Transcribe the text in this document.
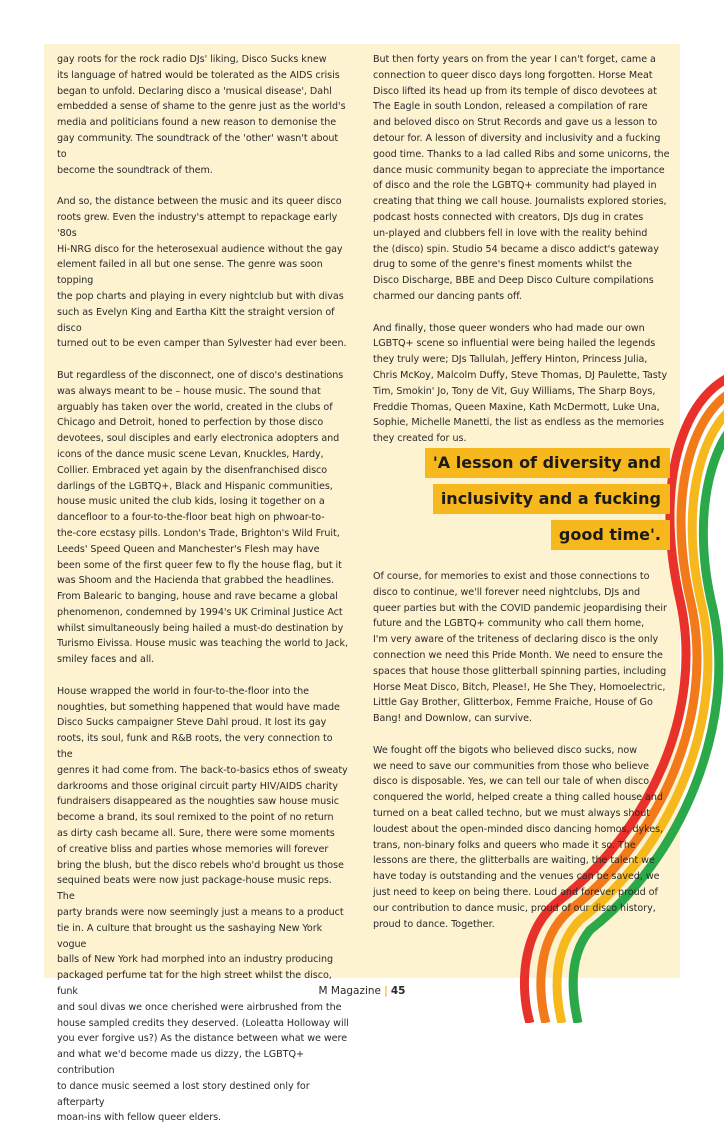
gay roots for the rock radio DJs' liking, Disco Sucks knew
its language of hatred would be tolerated as the AIDS crisis
began to unfold. Declaring disco a 'musical disease', Dahl
embedded a sense of shame to the genre just as the world's
media and politicians found a new reason to demonise the
gay community. The soundtrack of the 'other' wasn't about to
become the soundtrack of them.

And so, the distance between the music and its queer disco
roots grew. Even the industry's attempt to repackage early '80s
Hi-NRG disco for the heterosexual audience without the gay
element failed in all but one sense. The genre was soon topping
the pop charts and playing in every nightclub but with divas
such as Evelyn King and Eartha Kitt the straight version of disco
turned out to be even camper than Sylvester had ever been.

But regardless of the disconnect, one of disco's destinations
was always meant to be – house music. The sound that
arguably has taken over the world, created in the clubs of
Chicago and Detroit, honed to perfection by those disco
devotees, soul disciples and early electronica adopters and
icons of the dance music scene Levan, Knuckles, Hardy,
Collier. Embraced yet again by the disenfranchised disco
darlings of the LGBTQ+, Black and Hispanic communities,
house music united the club kids, losing it together on a
dancefloor to a four-to-the-floor beat high on phwoar-to-
the-core ecstasy pills. London's Trade, Brighton's Wild Fruit,
Leeds' Speed Queen and Manchester's Flesh may have
been some of the first queer few to fly the house flag, but it
was Shoom and the Hacienda that grabbed the headlines.
From Balearic to banging, house and rave became a global
phenomenon, condemned by 1994's UK Criminal Justice Act
whilst simultaneously being hailed a must-do destination by
Turismo Eivissa. House music was teaching the world to Jack,
smiley faces and all.

House wrapped the world in four-to-the-floor into the
noughties, but something happened that would have made
Disco Sucks campaigner Steve Dahl proud. It lost its gay
roots, its soul, funk and R&B roots, the very connection to the
genres it had come from. The back-to-basics ethos of sweaty
darkrooms and those original circuit party HIV/AIDS charity
fundraisers disappeared as the noughties saw house music
become a brand, its soul remixed to the point of no return
as dirty cash became all. Sure, there were some moments
of creative bliss and parties whose memories will forever
bring the blush, but the disco rebels who'd brought us those
sequined beats were now just package-house music reps. The
party brands were now seemingly just a means to a product
tie in. A culture that brought us the sashaying New York vogue
balls of New York had morphed into an industry producing
packaged perfume tat for the high street whilst the disco, funk
and soul divas we once cherished were airbrushed from the
house sampled credits they deserved. (Loleatta Holloway will
you ever forgive us?) As the distance between what we were
and what we'd become made us dizzy, the LGBTQ+ contribution
to dance music seemed a lost story destined only for afterparty
moan-ins with fellow queer elders.

But then forty years on from the year I can't forget, came a
connection to queer disco days long forgotten. Horse Meat
Disco lifted its head up from its temple of disco devotees at
The Eagle in south London, released a compilation of rare
and beloved disco on Strut Records and gave us a lesson to
detour for. A lesson of diversity and inclusivity and a fucking
good time. Thanks to a lad called Ribs and some unicorns, the
dance music community began to appreciate the importance
of disco and the role the LGBTQ+ community had played in
creating that thing we call house. Journalists explored stories,
podcast hosts connected with creators, DJs dug in crates
un-played and clubbers fell in love with the reality behind
the (disco) spin. Studio 54 became a disco addict's gateway
drug to some of the genre's finest moments whilst the
Disco Discharge, BBE and Deep Disco Culture compilations
charmed our dancing pants off.

And finally, those queer wonders who had made our own
LGBTQ+ scene so influential were being hailed the legends
they truly were; DJs Tallulah, Jeffery Hinton, Princess Julia,
Chris McKoy, Malcolm Duffy, Steve Thomas, DJ Paulette, Tasty
Tim, Smokin' Jo, Tony de Vit, Guy Williams, The Sharp Boys,
Freddie Thomas, Queen Maxine, Kath McDermott, Luke Una,
Sophie, Michelle Manetti, the list as endless as the memories
they created for us.

'A lesson of diversity and
inclusivity and a fucking
good time'.

Of course, for memories to exist and those connections to
disco to continue, we'll forever need nightclubs, DJs and
queer parties but with the COVID pandemic jeopardising their
future and the LGBTQ+ community who call them home,
I'm very aware of the triteness of declaring disco is the only
connection we need this Pride Month. We need to ensure the
spaces that house those glitterball spinning parties, including
Horse Meat Disco, Bitch, Please!, He She They, Homoelectric,
Little Gay Brother, Glitterbox, Femme Fraiche, House of Go
Bang! and Downlow, can survive.

We fought off the bigots who believed disco sucks, now
we need to save our communities from those who believe
disco is disposable. Yes, we can tell our tale of when disco
conquered the world, helped create a thing called house and
turned on a beat called techno, but we must always shout
loudest about the open-minded disco dancing homos, dykes,
trans, non-binary folks and queers who made it so. The
lessons are there, the glitterballs are waiting, the talent we
have today is outstanding and the venues can be saved, we
just need to keep on being there. Loud and forever proud of
our contribution to dance music, proud of our disco history,
proud to dance. Together.

M Magazine | 45
